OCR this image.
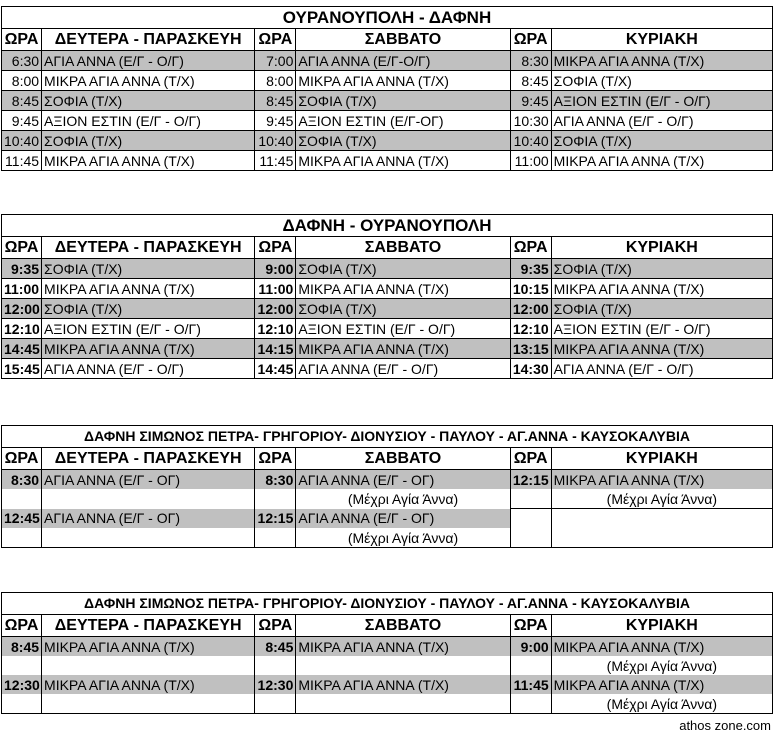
ΟΥΡΑΝΟΥΠΟΛΗ - ΔΑΦΝΗ					
ΩΡΑ	ΔΕΥΤΕΡΑ - ΠΑΡΑΣΚΕΥΗ	ΩΡΑ	ΣΑΒΒΑΤΟ	ΩΡΑ	ΚΥΡΙΑΚΗ
6:30	ΑΓΙΑ ΑΝΝΑ (Ε/Γ - Ο/Γ)	7:00	ΑΓΙΑ ΑΝΝΑ (Ε/Γ-Ο/Γ)	8:30	ΜΙΚΡΑ ΑΓΙΑ ΑΝΝΑ (Τ/Χ)
8:00	ΜΙΚΡΑ ΑΓΙΑ ΑΝΝΑ (Τ/Χ)	8:00	ΜΙΚΡΑ ΑΓΙΑ ΑΝΝΑ (Τ/Χ)	8:45	ΣΟΦΙΑ (Τ/Χ)
8:45	ΣΟΦΙΑ (Τ/Χ)	8:45	ΣΟΦΙΑ (Τ/Χ)	9:45	ΑΞΙΟΝ ΕΣΤΙΝ (Ε/Γ - Ο/Γ)
9:45	ΑΞΙΟΝ ΕΣΤΙΝ (Ε/Γ - Ο/Γ)	9:45	ΑΞΙΟΝ ΕΣΤΙΝ (Ε/Γ-ΟΓ)	10:30	ΑΓΙΑ ΑΝΝΑ (Ε/Γ - Ο/Γ)
10:40	ΣΟΦΙΑ (Τ/Χ)	10:40	ΣΟΦΙΑ (Τ/Χ)	10:40	ΣΟΦΙΑ (Τ/Χ)
11:45	ΜΙΚΡΑ ΑΓΙΑ ΑΝΝΑ (Τ/Χ)	11:45	ΜΙΚΡΑ ΑΓΙΑ ΑΝΝΑ (Τ/Χ)	11:00	ΜΙΚΡΑ ΑΓΙΑ ΑΝΝΑ (Τ/Χ)
ΔΑΦΝΗ - ΟΥΡΑΝΟΥΠΟΛΗ					
ΩΡΑ	ΔΕΥΤΕΡΑ - ΠΑΡΑΣΚΕΥΗ	ΩΡΑ	ΣΑΒΒΑΤΟ	ΩΡΑ	ΚΥΡΙΑΚΗ
9:35	ΣΟΦΙΑ (Τ/Χ)	9:00	ΣΟΦΙΑ (Τ/Χ)	9:35	ΣΟΦΙΑ (Τ/Χ)
11:00	ΜΙΚΡΑ ΑΓΙΑ ΑΝΝΑ (Τ/Χ)	11:00	ΜΙΚΡΑ ΑΓΙΑ ΑΝΝΑ (Τ/Χ)	10:15	ΜΙΚΡΑ ΑΓΙΑ ΑΝΝΑ (Τ/Χ)
12:00	ΣΟΦΙΑ (Τ/Χ)	12:00	ΣΟΦΙΑ (Τ/Χ)	12:00	ΣΟΦΙΑ (Τ/Χ)
12:10	ΑΞΙΟΝ ΕΣΤΙΝ (Ε/Γ - Ο/Γ)	12:10	ΑΞΙΟΝ ΕΣΤΙΝ (Ε/Γ - Ο/Γ)	12:10	ΑΞΙΟΝ ΕΣΤΙΝ (Ε/Γ - Ο/Γ)
14:45	ΜΙΚΡΑ ΑΓΙΑ ΑΝΝΑ (Τ/Χ)	14:15	ΜΙΚΡΑ ΑΓΙΑ ΑΝΝΑ (Τ/Χ)	13:15	ΜΙΚΡΑ ΑΓΙΑ ΑΝΝΑ (Τ/Χ)
15:45	ΑΓΙΑ ΑΝΝΑ (Ε/Γ - Ο/Γ)	14:45	ΑΓΙΑ ΑΝΝΑ (Ε/Γ - Ο/Γ)	14:30	ΑΓΙΑ ΑΝΝΑ (Ε/Γ - Ο/Γ)
ΔΑΦΝΗ ΣΙΜΩΝΟΣ ΠΕΤΡΑ- ΓΡΗΓΟΡΙΟΥ- ΔΙΟΝΥΣΙΟΥ - ΠΑΥΛΟΥ - ΑΓ.ΑΝΝΑ - ΚΑΥΣΟΚΑΛΥΒΙΑ					
ΩΡΑ	ΔΕΥΤΕΡΑ - ΠΑΡΑΣΚΕΥΗ	ΩΡΑ	ΣΑΒΒΑΤΟ	ΩΡΑ	ΚΥΡΙΑΚΗ
8:30	ΑΓΙΑ ΑΝΝΑ (Ε/Γ - ΟΓ)	8:30	ΑΓΙΑ ΑΝΝΑ (Ε/Γ - ΟΓ)	12:15	ΜΙΚΡΑ ΑΓΙΑ ΑΝΝΑ (Τ/Χ)
			(Μέχρι Αγία Άννα)		(Μέχρι Αγία Άννα)
12:45	ΑΓΙΑ ΑΝΝΑ (Ε/Γ - ΟΓ)	12:15	ΑΓΙΑ ΑΝΝΑ (Ε/Γ - ΟΓ)		
			(Μέχρι Αγία Άννα)		
ΔΑΦΝΗ ΣΙΜΩΝΟΣ ΠΕΤΡΑ- ΓΡΗΓΟΡΙΟΥ- ΔΙΟΝΥΣΙΟΥ - ΠΑΥΛΟΥ - ΑΓ.ΑΝΝΑ - ΚΑΥΣΟΚΑΛΥΒΙΑ					
ΩΡΑ	ΔΕΥΤΕΡΑ - ΠΑΡΑΣΚΕΥΗ	ΩΡΑ	ΣΑΒΒΑΤΟ	ΩΡΑ	ΚΥΡΙΑΚΗ
8:45	ΜΙΚΡΑ ΑΓΙΑ ΑΝΝΑ (Τ/Χ)	8:45	ΜΙΚΡΑ ΑΓΙΑ ΑΝΝΑ (Τ/Χ)	9:00	ΜΙΚΡΑ ΑΓΙΑ ΑΝΝΑ (Τ/Χ)
					(Μέχρι Αγία Άννα)
12:30	ΜΙΚΡΑ ΑΓΙΑ ΑΝΝΑ (Τ/Χ)	12:30	ΜΙΚΡΑ ΑΓΙΑ ΑΝΝΑ (Τ/Χ)	11:45	ΜΙΚΡΑ ΑΓΙΑ ΑΝΝΑ (Τ/Χ)
					(Μέχρι Αγία Άννα)
athos zone.com
